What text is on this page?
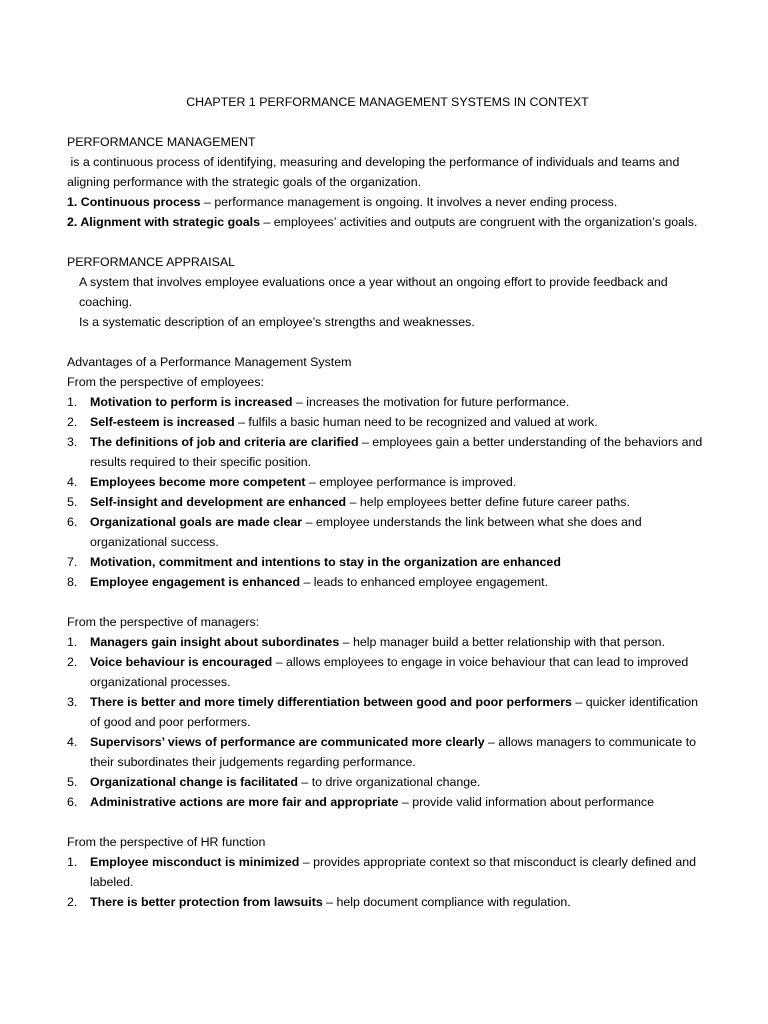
CHAPTER 1 PERFORMANCE MANAGEMENT SYSTEMS IN CONTEXT

PERFORMANCE MANAGEMENT

is a continuous process of identifying, measuring and developing the performance of individuals and teams and aligning performance with the strategic goals of the organization.

1. Continuous process – performance management is ongoing. It involves a never ending process.

2. Alignment with strategic goals – employees’ activities and outputs are congruent with the organization’s goals.

PERFORMANCE APPRAISAL

A system that involves employee evaluations once a year without an ongoing effort to provide feedback and coaching.

Is a systematic description of an employee’s strengths and weaknesses.

Advantages of a Performance Management System

From the perspective of employees:

1. Motivation to perform is increased – increases the motivation for future performance.
2. Self-esteem is increased – fulfils a basic human need to be recognized and valued at work.
3. The definitions of job and criteria are clarified – employees gain a better understanding of the behaviors and results required to their specific position.
4. Employees become more competent – employee performance is improved.
5. Self-insight and development are enhanced – help employees better define future career paths.
6. Organizational goals are made clear – employee understands the link between what she does and organizational success.
7. Motivation, commitment and intentions to stay in the organization are enhanced
8. Employee engagement is enhanced – leads to enhanced employee engagement.

From the perspective of managers:

1. Managers gain insight about subordinates – help manager build a better relationship with that person.
2. Voice behaviour is encouraged – allows employees to engage in voice behaviour that can lead to improved organizational processes.
3. There is better and more timely differentiation between good and poor performers – quicker identification of good and poor performers.
4. Supervisors’ views of performance are communicated more clearly – allows managers to communicate to their subordinates their judgements regarding performance.
5. Organizational change is facilitated – to drive organizational change.
6. Administrative actions are more fair and appropriate – provide valid information about performance

From the perspective of HR function

1. Employee misconduct is minimized – provides appropriate context so that misconduct is clearly defined and labeled.
2. There is better protection from lawsuits – help document compliance with regulation.
